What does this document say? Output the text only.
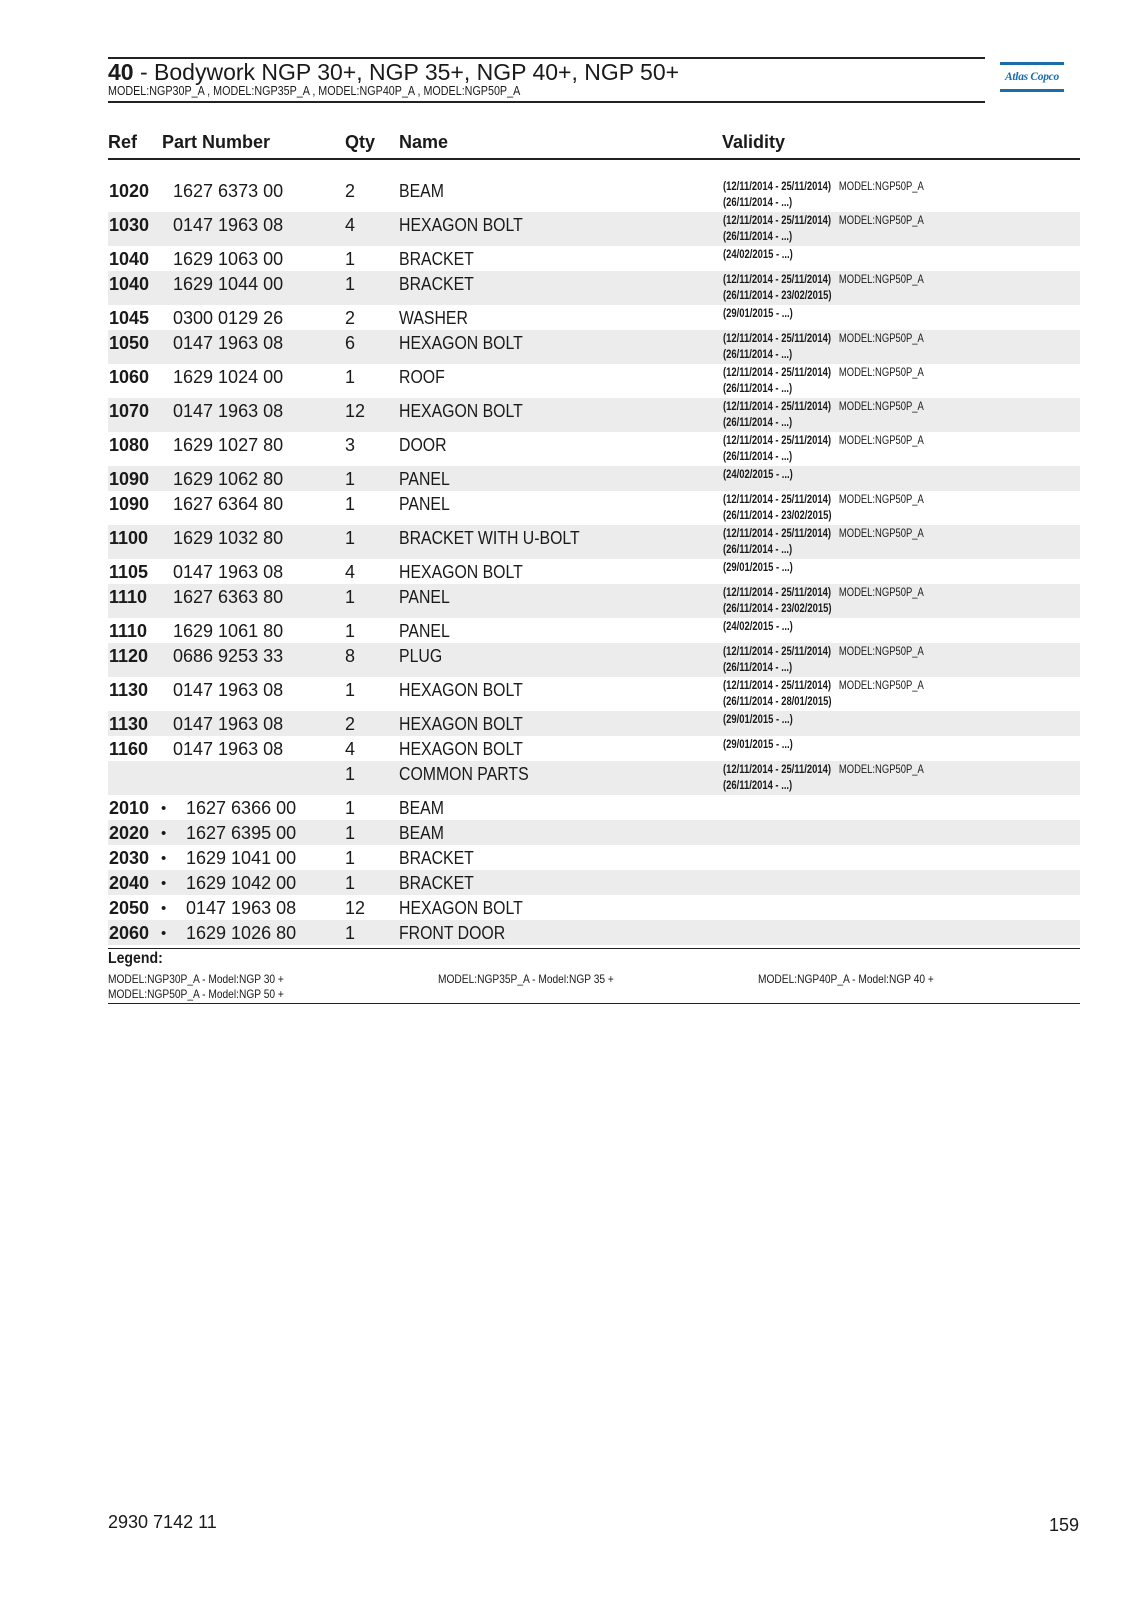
40 - Bodywork NGP 30+, NGP 35+, NGP 40+, NGP 50+
MODEL:NGP30P_A , MODEL:NGP35P_A , MODEL:NGP40P_A , MODEL:NGP50P_A
Atlas Copco
Ref Part Number	Qty Name	Validity
1020 1627 6373 00	2 BEAM	(12/11/2014 - 25/11/2014) MODEL:NGP50P_A
(26/11/2014 - ...)
1030 0147 1963 08	4 HEXAGON BOLT	(12/11/2014 - 25/11/2014) MODEL:NGP50P_A
(26/11/2014 - ...)
1040 1629 1063 00	1 BRACKET	(24/02/2015 - ...)
1040 1629 1044 00	1 BRACKET	(12/11/2014 - 25/11/2014) MODEL:NGP50P_A
(26/11/2014 - 23/02/2015)
1045 0300 0129 26	2 WASHER	(29/01/2015 - ...)
1050 0147 1963 08	6 HEXAGON BOLT	(12/11/2014 - 25/11/2014) MODEL:NGP50P_A
(26/11/2014 - ...)
1060 1629 1024 00	1 ROOF	(12/11/2014 - 25/11/2014) MODEL:NGP50P_A
(26/11/2014 - ...)
1070 0147 1963 08	12 HEXAGON BOLT	(12/11/2014 - 25/11/2014) MODEL:NGP50P_A
(26/11/2014 - ...)
1080 1629 1027 80	3 DOOR	(12/11/2014 - 25/11/2014) MODEL:NGP50P_A
(26/11/2014 - ...)
1090 1629 1062 80	1 PANEL	(24/02/2015 - ...)
1090 1627 6364 80	1 PANEL	(12/11/2014 - 25/11/2014) MODEL:NGP50P_A
(26/11/2014 - 23/02/2015)
1100 1629 1032 80	1 BRACKET WITH U-BOLT	(12/11/2014 - 25/11/2014) MODEL:NGP50P_A
(26/11/2014 - ...)
1105 0147 1963 08	4 HEXAGON BOLT	(29/01/2015 - ...)
1110 1627 6363 80	1 PANEL	(12/11/2014 - 25/11/2014) MODEL:NGP50P_A
(26/11/2014 - 23/02/2015)
1110 1629 1061 80	1 PANEL	(24/02/2015 - ...)
1120 0686 9253 33	8 PLUG	(12/11/2014 - 25/11/2014) MODEL:NGP50P_A
(26/11/2014 - ...)
1130 0147 1963 08	1 HEXAGON BOLT	(12/11/2014 - 25/11/2014) MODEL:NGP50P_A
(26/11/2014 - 28/01/2015)
1130 0147 1963 08	2 HEXAGON BOLT	(29/01/2015 - ...)
1160 0147 1963 08	4 HEXAGON BOLT	(29/01/2015 - ...)
1 COMMON PARTS	(12/11/2014 - 25/11/2014) MODEL:NGP50P_A
(26/11/2014 - ...)
2010 • 1627 6366 00	1 BEAM
2020 • 1627 6395 00	1 BEAM
2030 • 1629 1041 00	1 BRACKET
2040 • 1629 1042 00	1 BRACKET
2050 • 0147 1963 08	12 HEXAGON BOLT
2060 • 1629 1026 80	1 FRONT DOOR
Legend:
MODEL:NGP30P_A - Model:NGP 30 +	MODEL:NGP35P_A - Model:NGP 35 +	MODEL:NGP40P_A - Model:NGP 40 +
MODEL:NGP50P_A - Model:NGP 50 +
2930 7142 11	159
